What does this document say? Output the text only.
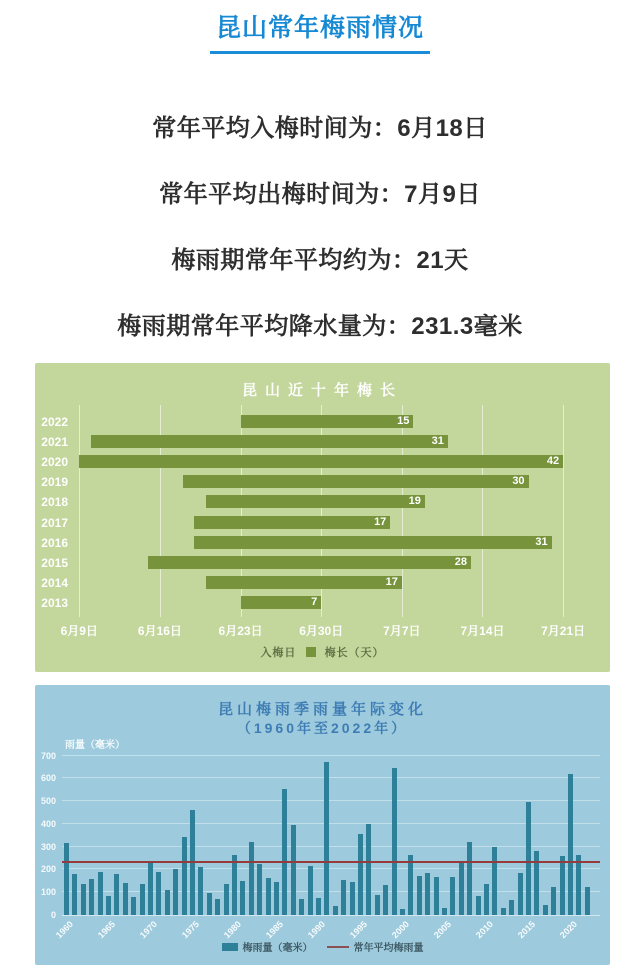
昆山常年梅雨情况

常年平均入梅时间为：6月18日

常年平均出梅时间为：7月9日

梅雨期常年平均约为：21天

梅雨期常年平均降水量为：231.3毫米

昆山近十年梅长
2022	15
2021	31
2020	42
2019	30
2018	19
2017	17
2016	31
2015	28
2014	17
2013	7
6月9日	6月16日	6月23日	6月30日	7月7日	7月14日	7月21日
入梅日	梅长（天）
昆山梅雨季雨量年际变化
（1960年至2022年）
雨量（毫米）
0
100
200
300
400
500
600
700
1960 1965 1970 1975 1980 1985 1990 1995 2000 2005 2010 2015 2020
梅雨量（毫米）	常年平均梅雨量
